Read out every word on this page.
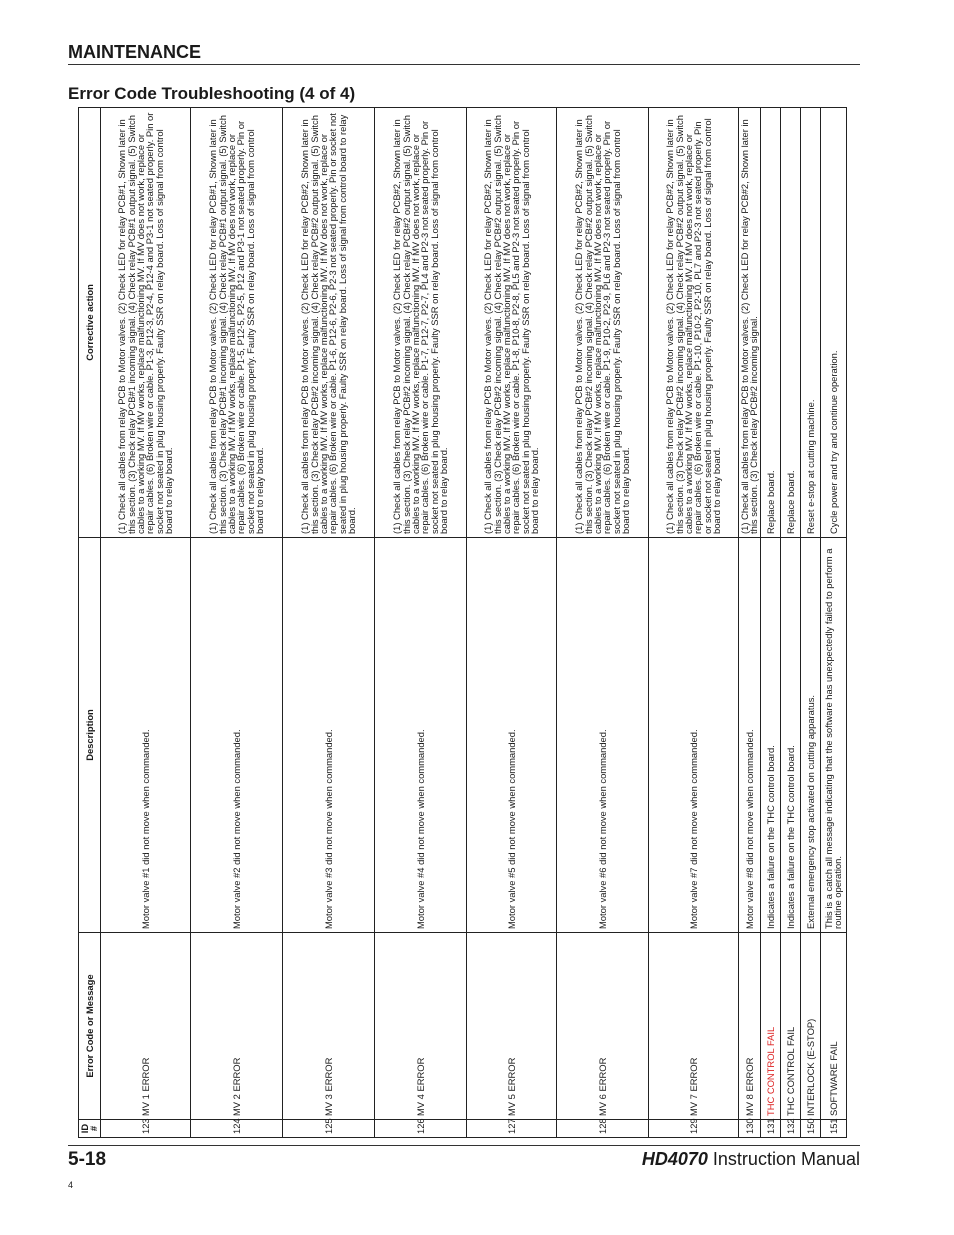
MAINTENANCE
Error Code Troubleshooting (4 of 4)
ID #	Error Code or Message	Description	Corrective action
123	MV 1 ERROR	Motor valve #1 did not move when commanded.	(1) Check all cables from relay PCB to Motor valves. (2) Check LED for relay PCB#1, Shown later in this section. (3) Check relay PCB#1 incoming signal. (4) Check relay PCB#1 output signal. (5) Switch cables to a working MV. If MV works, replace malfunctioning MV. If MV does not work, replace or repair cables. (6) Broken wire or cable. P1-3, P12-3, P2-4, P12-4 and P3-1 not seated properly. Pin or socket not seated in plug housing properly. Faulty SSR on relay board. Loss of signal from control board to relay board.
124	MV 2 ERROR	Motor valve #2 did not move when commanded.	(1) Check all cables from relay PCB to Motor valves. (2) Check LED for relay PCB#1, Shown later in this section. (3) Check relay PCB#1 incoming signal. (4) Check relay PCB#1 output signal. (5) Switch cables to a working MV. If MV works, replace malfunctioning MV. If MV does not work, replace or repair cables. (6) Broken wire or cable. P1-5, P12-5, P2-5, P12 and P3-1 not seated properly. Pin or socket not seated in plug housing properly. Faulty SSR on relay board. Loss of signal from control board to relay board.
125	MV 3 ERROR	Motor valve #3 did not move when commanded.	(1) Check all cables from relay PCB to Motor valves. (2) Check LED for relay PCB#2, Shown later in this section. (3) Check relay PCB#2 incoming signal. (4) Check relay PCB#2 output signal. (5) Switch cables to a working MV. If MV works, replace malfunctioning MV. If MV does not work, replace or repair cables. (6) Broken wire or cable. P1-6, P12-6, P2-6, P2-3 not seated properly. Pin or socket not seated in plug housing properly. Faulty SSR on relay board. Loss of signal from control board to relay board.
126	MV 4 ERROR	Motor valve #4 did not move when commanded.	(1) Check all cables from relay PCB to Motor valves. (2) Check LED for relay PCB#2, Shown later in this section. (3) Check relay PCB#2 incoming signal. (4) Check relay PCB#2 output signal. (5) Switch cables to a working MV. If MV works, replace malfunctioning MV. If MV does not work, replace or repair cables. (6) Broken wire or cable. P1-7, P12-7, P2-7, PL4 and P2-3 not seated properly. Pin or socket not seated in plug housing properly. Faulty SSR on relay board. Loss of signal from control board to relay board.
127	MV 5 ERROR	Motor valve #5 did not move when commanded.	(1) Check all cables from relay PCB to Motor valves. (2) Check LED for relay PCB#2, Shown later in this section. (3) Check relay PCB#2 incoming signal. (4) Check relay PCB#2 output signal. (5) Switch cables to a working MV. If MV works, replace malfunctioning MV. If MV does not work, replace or repair cables. (6) Broken wire or cable. P1-8, P10-8, P2-8, PL5 and P2-3 not seated properly. Pin or socket not seated in plug housing properly. Faulty SSR on relay board. Loss of signal from control board to relay board.
128	MV 6 ERROR	Motor valve #6 did not move when commanded.	(1) Check all cables from relay PCB to Motor valves. (2) Check LED for relay PCB#2, Shown later in this section. (3) Check relay PCB#2 incoming signal. (4) Check relay PCB#2 output signal. (5) Switch cables to a working MV. If MV works, replace malfunctioning MV. If MV does not work, replace or repair cables. (6) Broken wire or cable. P1-9, P10-2, P2-9, PL6 and P2-3 not seated properly. Pin or socket not seated in plug housing properly. Faulty SSR on relay board. Loss of signal from control board to relay board.
129	MV 7 ERROR	Motor valve #7 did not move when commanded.	(1) Check all cables from relay PCB to Motor valves. (2) Check LED for relay PCB#2, Shown later in this section. (3) Check relay PCB#2 incoming signal. (4) Check relay PCB#2 output signal. (5) Switch cables to a working MV. If MV works, replace malfunctioning MV. If MV does not work, replace or repair cables. (6) Broken wire or cable. P1-10, P10-2, P2-10, PL7 and P2-3 not seated properly. Pin or socket not seated in plug housing properly. Faulty SSR on relay board. Loss of signal from control board to relay board.
130	MV 8 ERROR	Motor valve #8 did not move when commanded.	(1) Check all cables from relay PCB to Motor valves. (2) Check LED for relay PCB#2, Shown later in this section. (3) Check relay PCB#2 incoming signal.
131	THC CONTROL FAIL	Indicates a failure on the THC control board.	Replace board.
132	THC CONTROL FAIL	Indicates a failure on the THC control board.	Replace board.
150	INTERLOCK (E-STOP)	External emergency stop activated on cutting apparatus.	Reset e-stop at cutting machine.
151	SOFTWARE FAIL	This is a catch all message indicating that the software has unexpectedly failed to perform a routine operation.	Cycle power and try and continue operation.
5-18	HD4070 Instruction Manual
4
